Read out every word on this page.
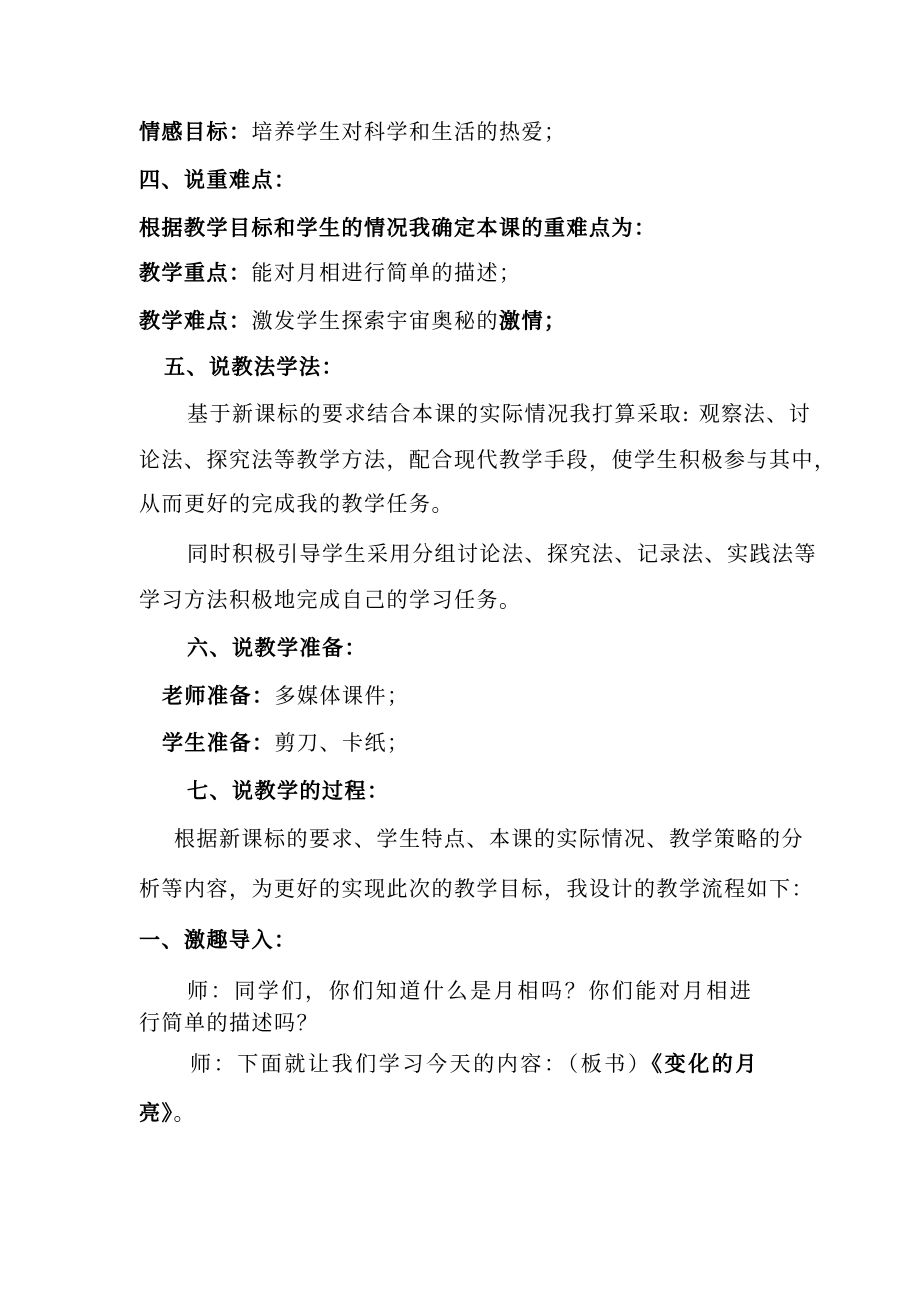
情感目标：培养学生对科学和生活的热爱；
四、说重难点：
根据教学目标和学生的情况我确定本课的重难点为：
教学重点：能对月相进行简单的描述；
教学难点：激发学生探索宇宙奥秘的激情；
五、说教法学法：
基于新课标的要求结合本课的实际情况我打算采取: 观察法、讨
论法、探究法等教学方法，配合现代教学手段，使学生积极参与其中，
从而更好的完成我的教学任务。
同时积极引导学生采用分组讨论法、探究法、记录法、实践法等
学习方法积极地完成自己的学习任务。
六、说教学准备：
老师准备：多媒体课件；
学生准备：剪刀、卡纸；
七、说教学的过程：
根据新课标的要求、学生特点、本课的实际情况、教学策略的分
析等内容，为更好的实现此次的教学目标，我设计的教学流程如下：
一、激趣导入：
师：同学们，你们知道什么是月相吗？你们能对月相进
行简单的描述吗？
师：下面就让我们学习今天的内容：（板书）《变化的月
亮》。
